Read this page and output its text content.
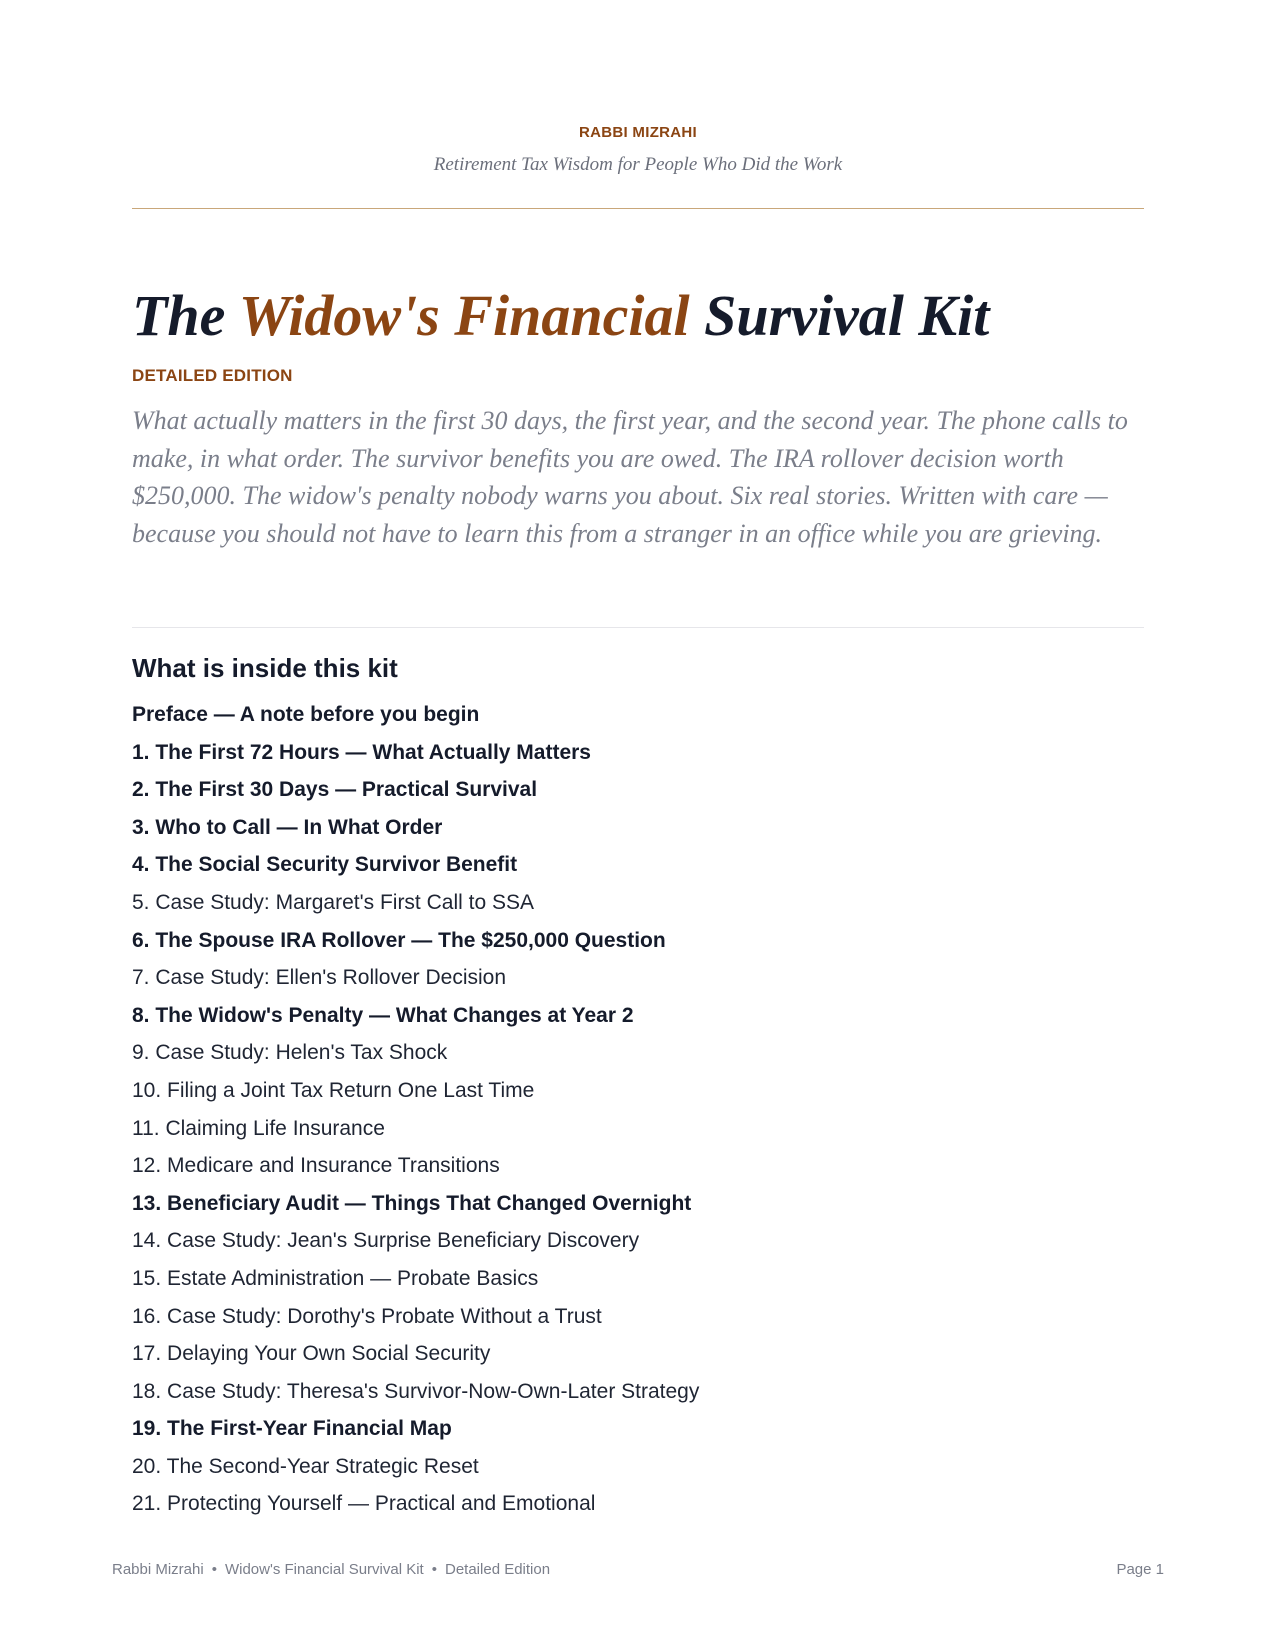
RABBI MIZRAHI
Retirement Tax Wisdom for People Who Did the Work
The Widow's Financial Survival Kit
DETAILED EDITION

What actually matters in the first 30 days, the first year, and the second year. The phone calls to make, in what order. The survivor benefits you are owed. The IRA rollover decision worth $250,000. The widow's penalty nobody warns you about. Six real stories. Written with care — because you should not have to learn this from a stranger in an office while you are grieving.

What is inside this kit
Preface — A note before you begin
1. The First 72 Hours — What Actually Matters
2. The First 30 Days — Practical Survival
3. Who to Call — In What Order
4. The Social Security Survivor Benefit
5. Case Study: Margaret's First Call to SSA
6. The Spouse IRA Rollover — The $250,000 Question
7. Case Study: Ellen's Rollover Decision
8. The Widow's Penalty — What Changes at Year 2
9. Case Study: Helen's Tax Shock
10. Filing a Joint Tax Return One Last Time
11. Claiming Life Insurance
12. Medicare and Insurance Transitions
13. Beneficiary Audit — Things That Changed Overnight
14. Case Study: Jean's Surprise Beneficiary Discovery
15. Estate Administration — Probate Basics
16. Case Study: Dorothy's Probate Without a Trust
17. Delaying Your Own Social Security
18. Case Study: Theresa's Survivor-Now-Own-Later Strategy
19. The First-Year Financial Map
20. The Second-Year Strategic Reset
21. Protecting Yourself — Practical and Emotional
Rabbi Mizrahi • Widow's Financial Survival Kit • Detailed Edition	Page 1
